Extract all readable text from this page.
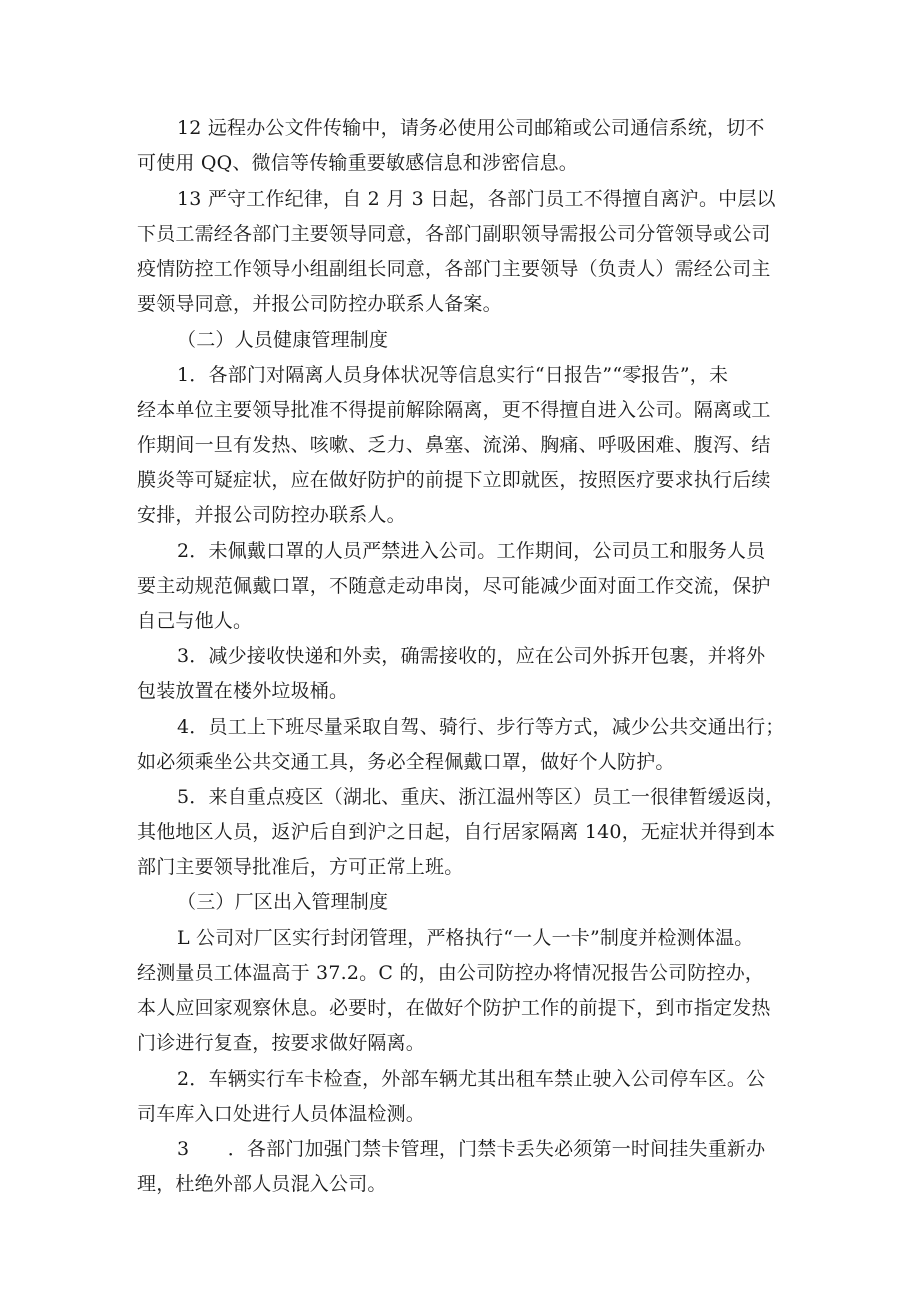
12 远程办公文件传输中，请务必使用公司邮箱或公司通信系统，切不
可使用 QQ、微信等传输重要敏感信息和涉密信息。
13 严守工作纪律，自 2 月 3 日起，各部门员工不得擅自离沪。中层以
下员工需经各部门主要领导同意，各部门副职领导需报公司分管领导或公司
疫情防控工作领导小组副组长同意，各部门主要领导（负责人）需经公司主
要领导同意，并报公司防控办联系人备案。
（二）人员健康管理制度
1．各部门对隔离人员身体状况等信息实行“日报告”“零报告”，未
经本单位主要领导批准不得提前解除隔离，更不得擅自进入公司。隔离或工
作期间一旦有发热、咳嗽、乏力、鼻塞、流涕、胸痛、呼吸困难、腹泻、结
膜炎等可疑症状，应在做好防护的前提下立即就医，按照医疗要求执行后续
安排，并报公司防控办联系人。
2．未佩戴口罩的人员严禁进入公司。工作期间，公司员工和服务人员
要主动规范佩戴口罩，不随意走动串岗，尽可能减少面对面工作交流，保护
自己与他人。
3．减少接收快递和外卖，确需接收的，应在公司外拆开包裹，并将外
包装放置在楼外垃圾桶。
4．员工上下班尽量采取自驾、骑行、步行等方式，减少公共交通出行；
如必须乘坐公共交通工具，务必全程佩戴口罩，做好个人防护。
5．来自重点疫区（湖北、重庆、浙江温州等区）员工一很律暂缓返岗，
其他地区人员，返沪后自到沪之日起，自行居家隔离 140，无症状并得到本
部门主要领导批准后，方可正常上班。
（三）厂区出入管理制度
L 公司对厂区实行封闭管理，严格执行“一人一卡”制度并检测体温。
经测量员工体温高于 37.2。C 的，由公司防控办将情况报告公司防控办，
本人应回家观察休息。必要时，在做好个防护工作的前提下，到市指定发热
门诊进行复查，按要求做好隔离。
2．车辆实行车卡检查，外部车辆尤其出租车禁止驶入公司停车区。公
司车库入口处进行人员体温检测。
3　　．各部门加强门禁卡管理，门禁卡丢失必须第一时间挂失重新办
理，杜绝外部人员混入公司。
